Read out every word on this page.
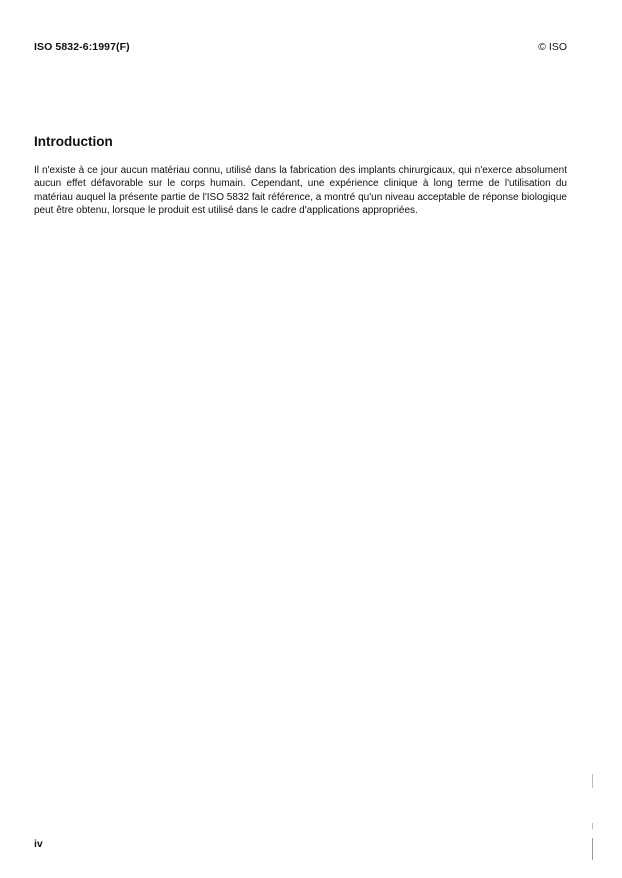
ISO 5832-6:1997(F)	© ISO
Introduction

Il n'existe à ce jour aucun matériau connu, utilisé dans la fabrication des implants chirurgicaux, qui n'exerce absolument aucun effet défavorable sur le corps humain. Cependant, une expérience clinique à long terme de l'utilisation du matériau auquel la présente partie de l'ISO 5832 fait référence, a montré qu'un niveau acceptable de réponse biologique peut être obtenu, lorsque le produit est utilisé dans le cadre d'applications appropriées.

iv
